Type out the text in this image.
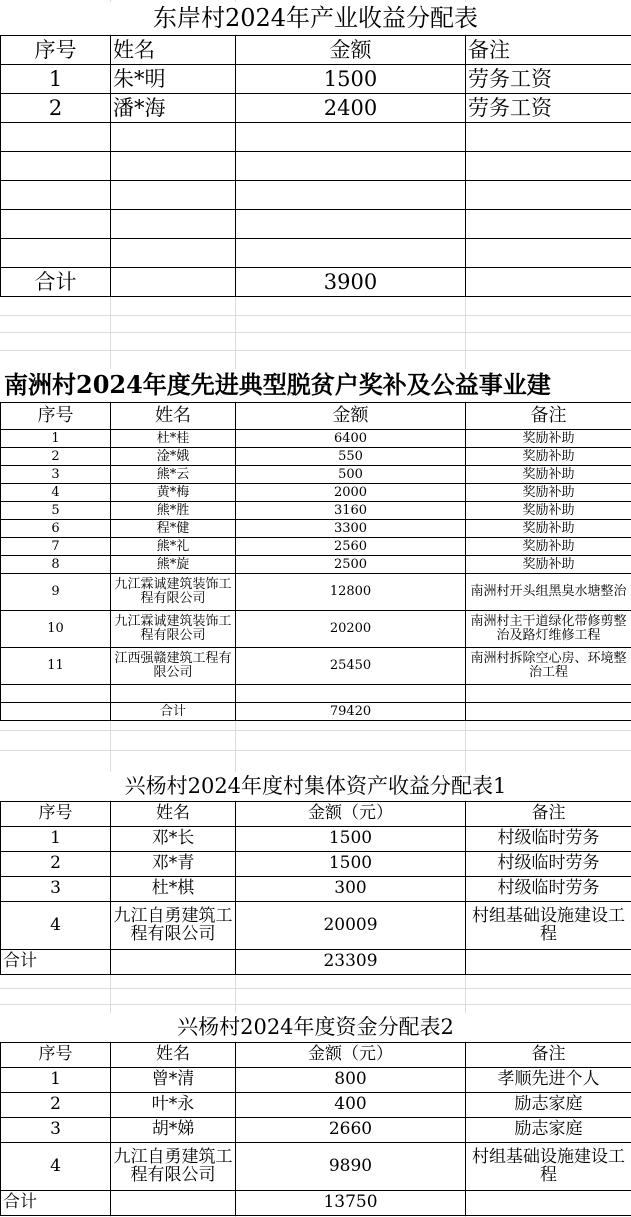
东岸村2024年产业收益分配表
序号	姓名	金额	备注
1	朱*明	1500	劳务工资
2	潘*海	2400	劳务工资

合计		3900	
南洲村2024年度先进典型脱贫户奖补及公益事业建
序号	姓名	金额	备注
1	杜*桂	6400	奖励补助
2	淦*娥	550	奖励补助
3	熊*云	500	奖励补助
4	黄*梅	2000	奖励补助
5	熊*胜	3160	奖励补助
6	程*健	3300	奖励补助
7	熊*礼	2560	奖励补助
8	熊*旋	2500	奖励补助
9	九江霖诚建筑装饰工程有限公司	12800	南洲村开头组黑臭水塘整治
10	九江霖诚建筑装饰工程有限公司	20200	南洲村主干道绿化带修剪整治及路灯维修工程
11	江西强赣建筑工程有限公司	25450	南洲村拆除空心房、环境整治工程

	合计	79420	
兴杨村2024年度村集体资产收益分配表1
序号	姓名	金额（元）	备注
1	邓*长	1500	村级临时劳务
2	邓*青	1500	村级临时劳务
3	杜*棋	300	村级临时劳务
4	九江自勇建筑工程有限公司	20009	村组基础设施建设工程
合计		23309	
兴杨村2024年度资金分配表2
序号	姓名	金额（元）	备注
1	曾*清	800	孝顺先进个人
2	叶*永	400	励志家庭
3	胡*娣	2660	励志家庭
4	九江自勇建筑工程有限公司	9890	村组基础设施建设工程
合计		13750	
